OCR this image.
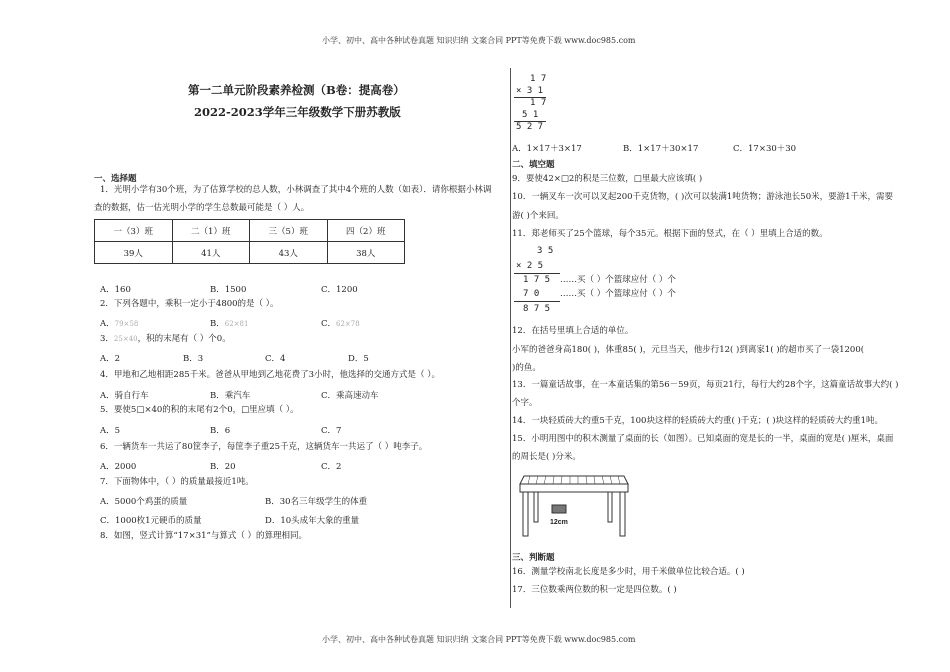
小学、初中、高中各种试卷真题 知识归纳 文案合同 PPT等免费下载 www.doc985.com
小学、初中、高中各种试卷真题 知识归纳 文案合同 PPT等免费下载 www.doc985.com
第一二单元阶段素养检测（B卷：提高卷）
2022-2023学年三年级数学下册苏教版
一、选择题
1．光明小学有30个班，为了估算学校的总人数，小林调查了其中4个班的人数（如表）．请你根据小林调
查的数据，估一估光明小学的学生总数最可能是（ ）人。
一（3）班	二（1）班	三（5）班	四（2）班
39人	41人	43人	38人
A．160	B．1500	C．1200
2．下列各题中，乘积一定小于4800的是（ ）。
A．79×58	B．62×81	C．62×78
3．25×40，积的末尾有（ ）个0。
A．2	B．3	C．4	D．5
4．甲地和乙地相距285千米。爸爸从甲地到乙地花费了3小时，他选择的交通方式是（ ）。
A．骑自行车	B．乘汽车	C．乘高速动车
5．要使5□×40的积的末尾有2个0，□里应填（ ）。
A．5	B．6	C．7
6．一辆货车一共运了80筐李子，每筐李子重25千克，这辆货车一共运了（ ）吨李子。
A．2000	B．20	C．2
7．下面物体中，（ ）的质量最接近1吨。
A．5000个鸡蛋的质量	B．30名三年级学生的体重
C．1000枚1元硬币的质量	D．10头成年大象的重量
8．如图，竖式计算“17×31”与算式（ ）的算理相同。
1 7
× 3 1
1 7
5 1
5 2 7
A．1×17＋3×17	B．1×17＋30×17	C．17×30＋30
二、填空题
9．要使42×□2的积是三位数，□里最大应该填( )
10．一辆叉车一次可以叉起200千克货物，( )次可以装满1吨货物；游泳池长50米，要游1千米，需要
游( )个来回。
11．郑老师买了25个篮球，每个35元。根据下面的竖式，在（ ）里填上合适的数。
3 5
× 2 5
1 7 5 ……买（ ）个篮球应付（ ）个
7 0 ……买（ ）个篮球应付（ ）个
8 7 5
12．在括号里填上合适的单位。
小军的爸爸身高180( )，体重85( )，元旦当天，他步行12( )到离家1( )的超市买了一袋1200(
)的鱼。
13．一篇童话故事，在一本童话集的第56－59页，每页21行，每行大约28个字，这篇童话故事大约( )
个字。
14．一块轻质砖大约重5千克，100块这样的轻质砖大约重( )千克；( )块这样的轻质砖大约重1吨。
15．小明用图中的积木测量了桌面的长（如图）。已知桌面的宽是长的一半，桌面的宽是( )厘米，桌面
的周长是( )分米。
12cm
三、判断题
16．测量学校南北长度是多少时，用千米做单位比较合适。( )
17．三位数乘两位数的积一定是四位数。( )
